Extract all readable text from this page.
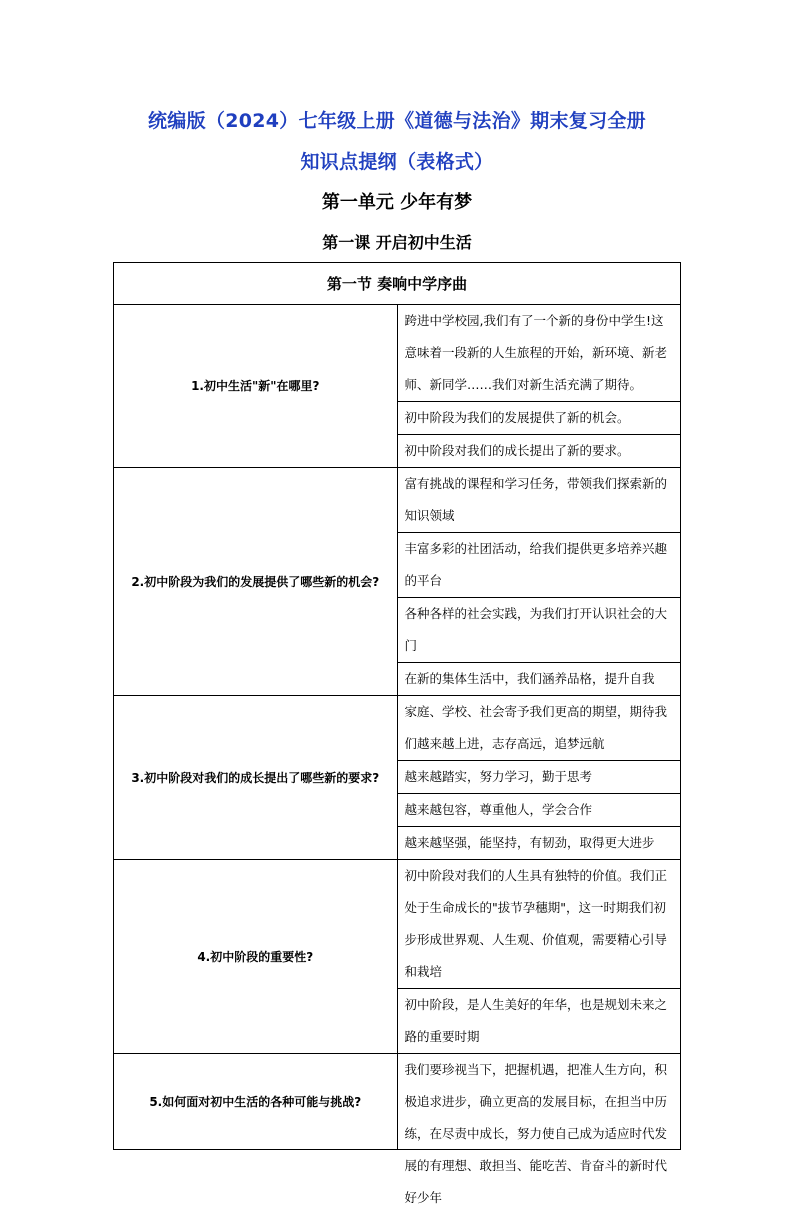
统编版（2024）七年级上册《道德与法治》期末复习全册
知识点提纲（表格式）
第一单元 少年有梦
第一课 开启初中生活
第一节 奏响中学序曲	
1.初中生活"新"在哪里?	跨进中学校园,我们有了一个新的身份中学生!这意味着一段新的人生旅程的开始，新环境、新老师、新同学……我们对新生活充满了期待。
	初中阶段为我们的发展提供了新的机会。
	初中阶段对我们的成长提出了新的要求。
2.初中阶段为我们的发展提供了哪些新的机会?	富有挑战的课程和学习任务，带领我们探索新的知识领域
	丰富多彩的社团活动，给我们提供更多培养兴趣的平台
	各种各样的社会实践，为我们打开认识社会的大门
	在新的集体生活中，我们涵养品格，提升自我
3.初中阶段对我们的成长提出了哪些新的要求?	家庭、学校、社会寄予我们更高的期望，期待我们越来越上进，志存高远，追梦远航
	越来越踏实，努力学习，勤于思考
	越来越包容，尊重他人，学会合作
	越来越坚强，能坚持，有韧劲，取得更大进步
4.初中阶段的重要性?	初中阶段对我们的人生具有独特的价值。我们正处于生命成长的"拔节孕穗期"，这一时期我们初步形成世界观、人生观、价值观，需要精心引导和栽培
	初中阶段，是人生美好的年华，也是规划未来之路的重要时期
5.如何面对初中生活的各种可能与挑战?	我们要珍视当下，把握机遇，把准人生方向，积极追求进步，确立更高的发展目标，在担当中历练，在尽责中成长，努力使自己成为适应时代发展的有理想、敢担当、能吃苦、肯奋斗的新时代好少年
